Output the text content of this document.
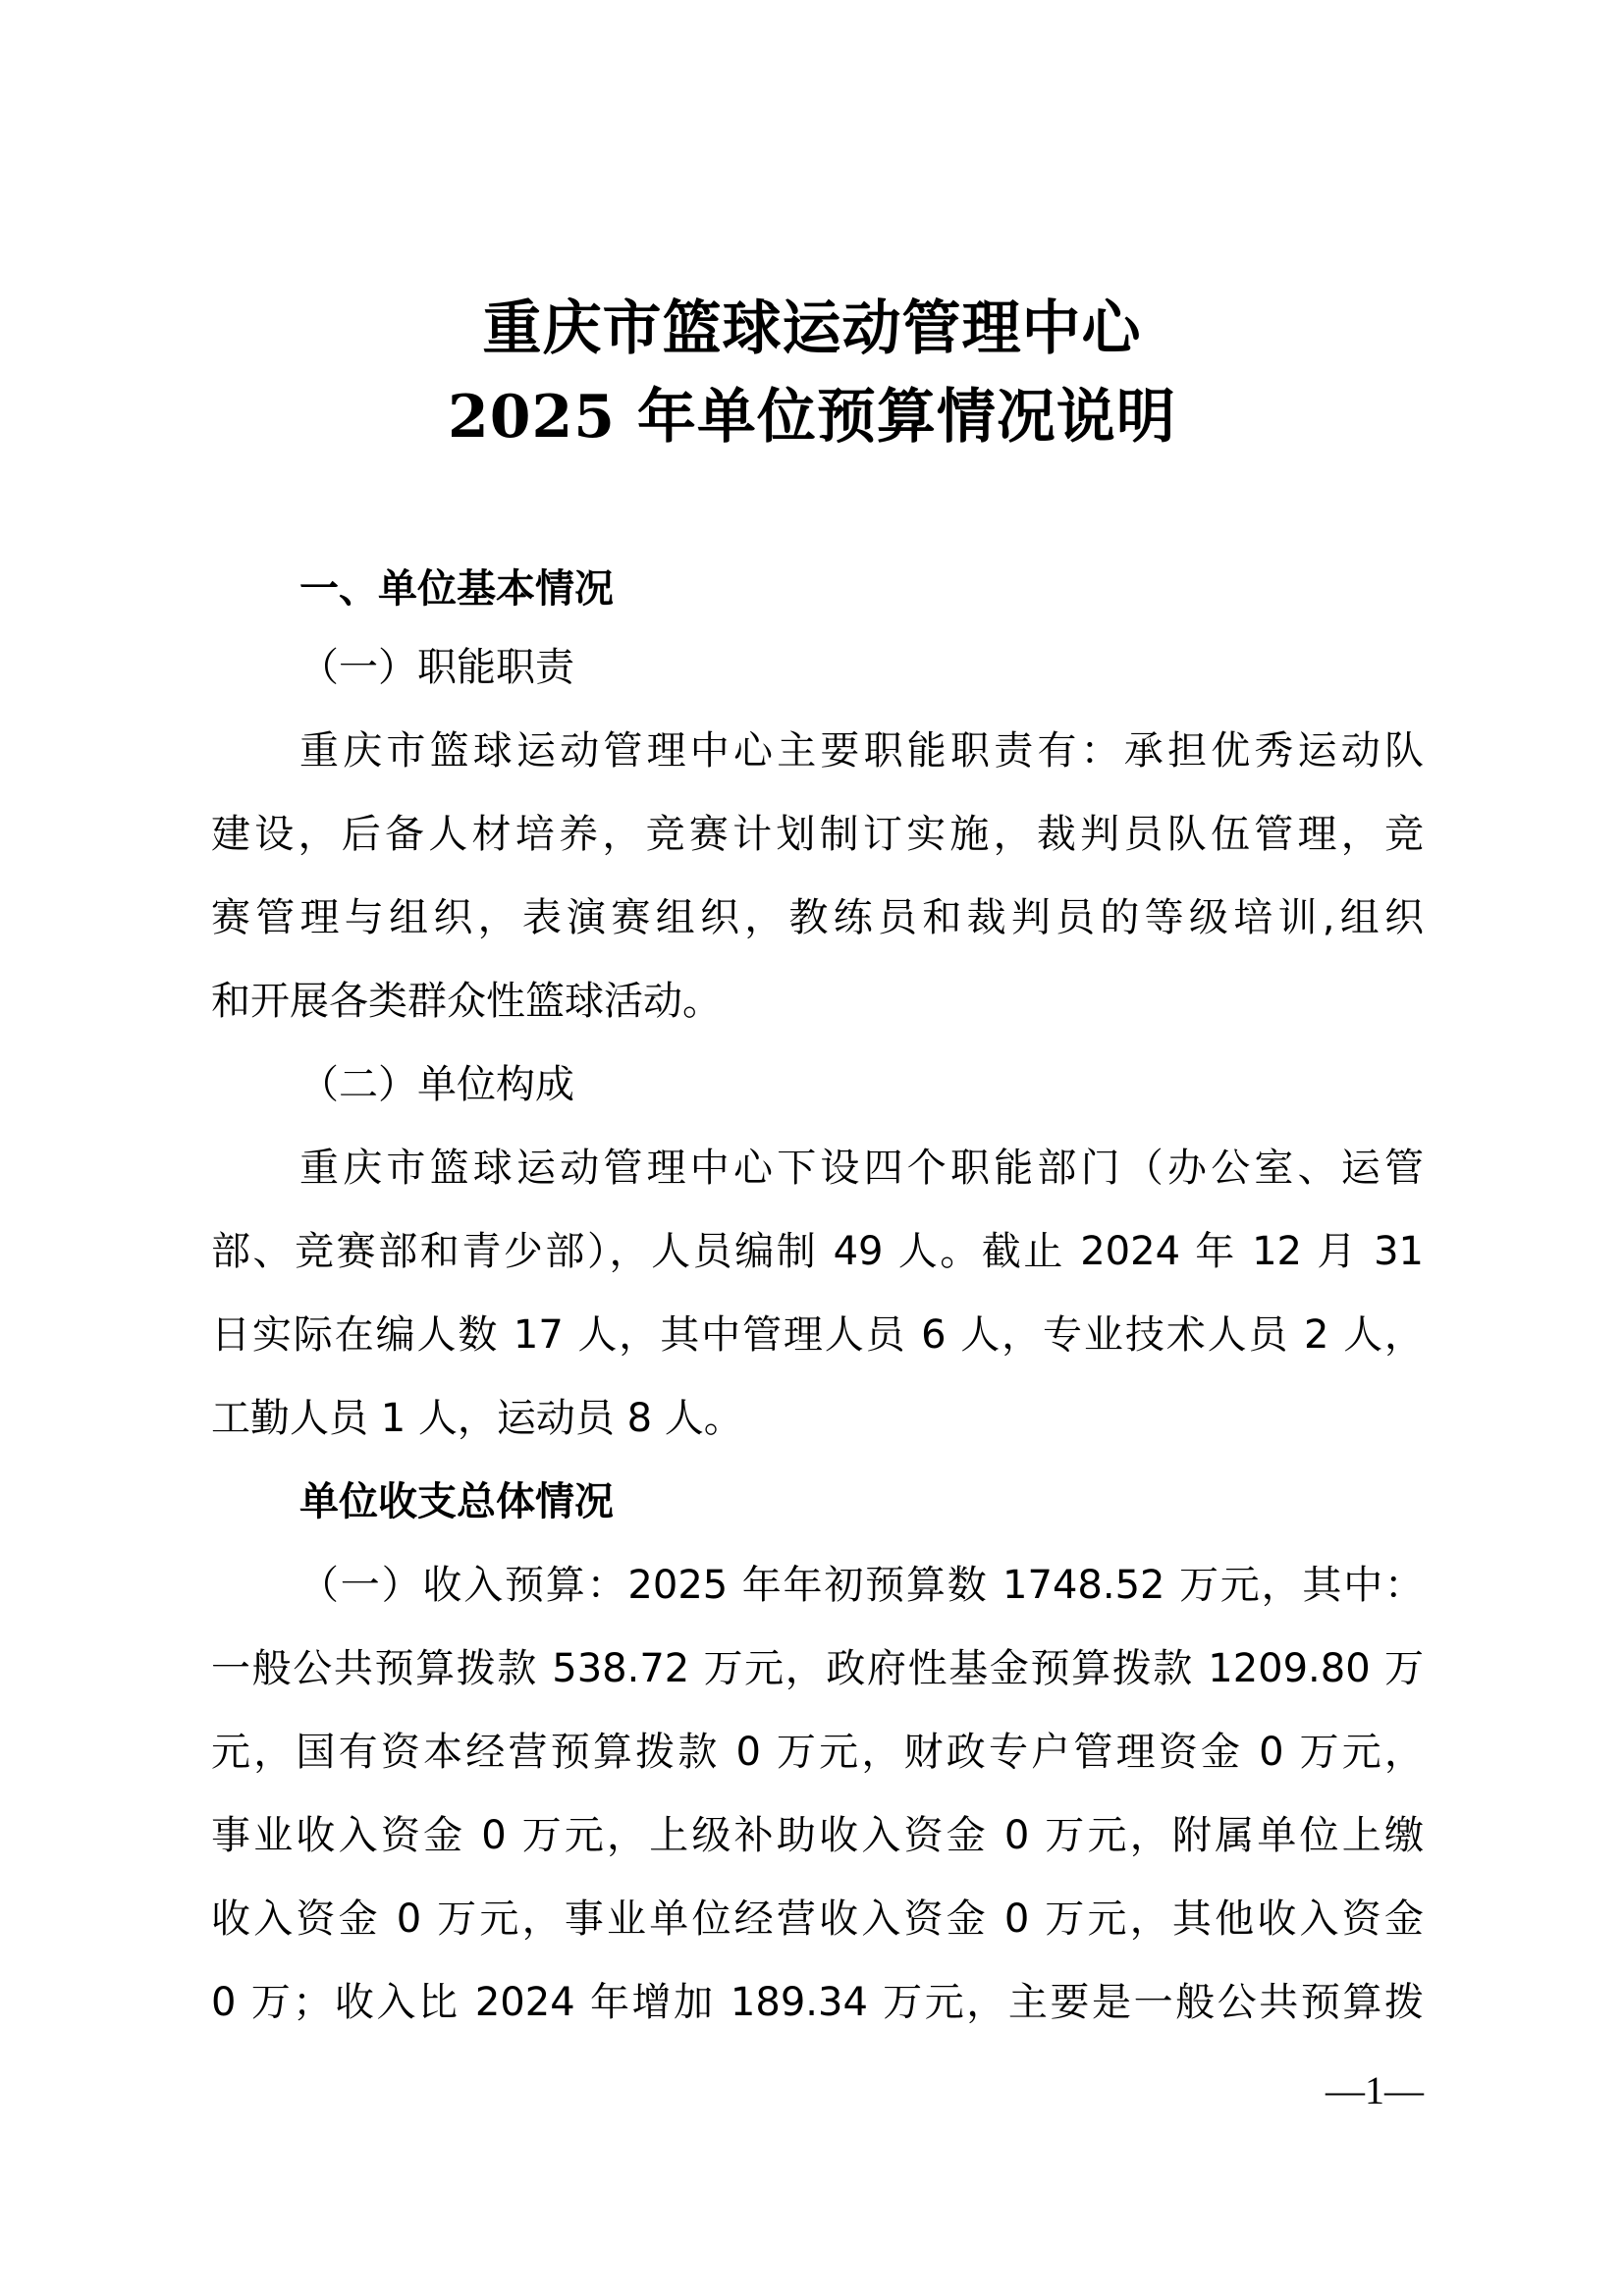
重庆市篮球运动管理中心
2025 年单位预算情况说明
一、单位基本情况
（一）职能职责
重庆市篮球运动管理中心主要职能职责有：承担优秀运动队
建设，后备人材培养，竞赛计划制订实施，裁判员队伍管理，竞
赛管理与组织，表演赛组织，教练员和裁判员的等级培训,组织
和开展各类群众性篮球活动。
（二）单位构成
重庆市篮球运动管理中心下设四个职能部门（办公室、运管
部、竞赛部和青少部），人员编制 49 人。截止 2024 年 12 月 31
日实际在编人数 17 人，其中管理人员 6 人，专业技术人员 2 人，
工勤人员 1 人，运动员 8 人。
单位收支总体情况
（一）收入预算：2025 年年初预算数 1748.52 万元，其中：
一般公共预算拨款 538.72 万元，政府性基金预算拨款 1209.80 万
元，国有资本经营预算拨款 0 万元，财政专户管理资金 0 万元，
事业收入资金 0 万元，上级补助收入资金 0 万元，附属单位上缴
收入资金 0 万元，事业单位经营收入资金 0 万元，其他收入资金
0 万；收入比 2024 年增加 189.34 万元，主要是一般公共预算拨
—1—
